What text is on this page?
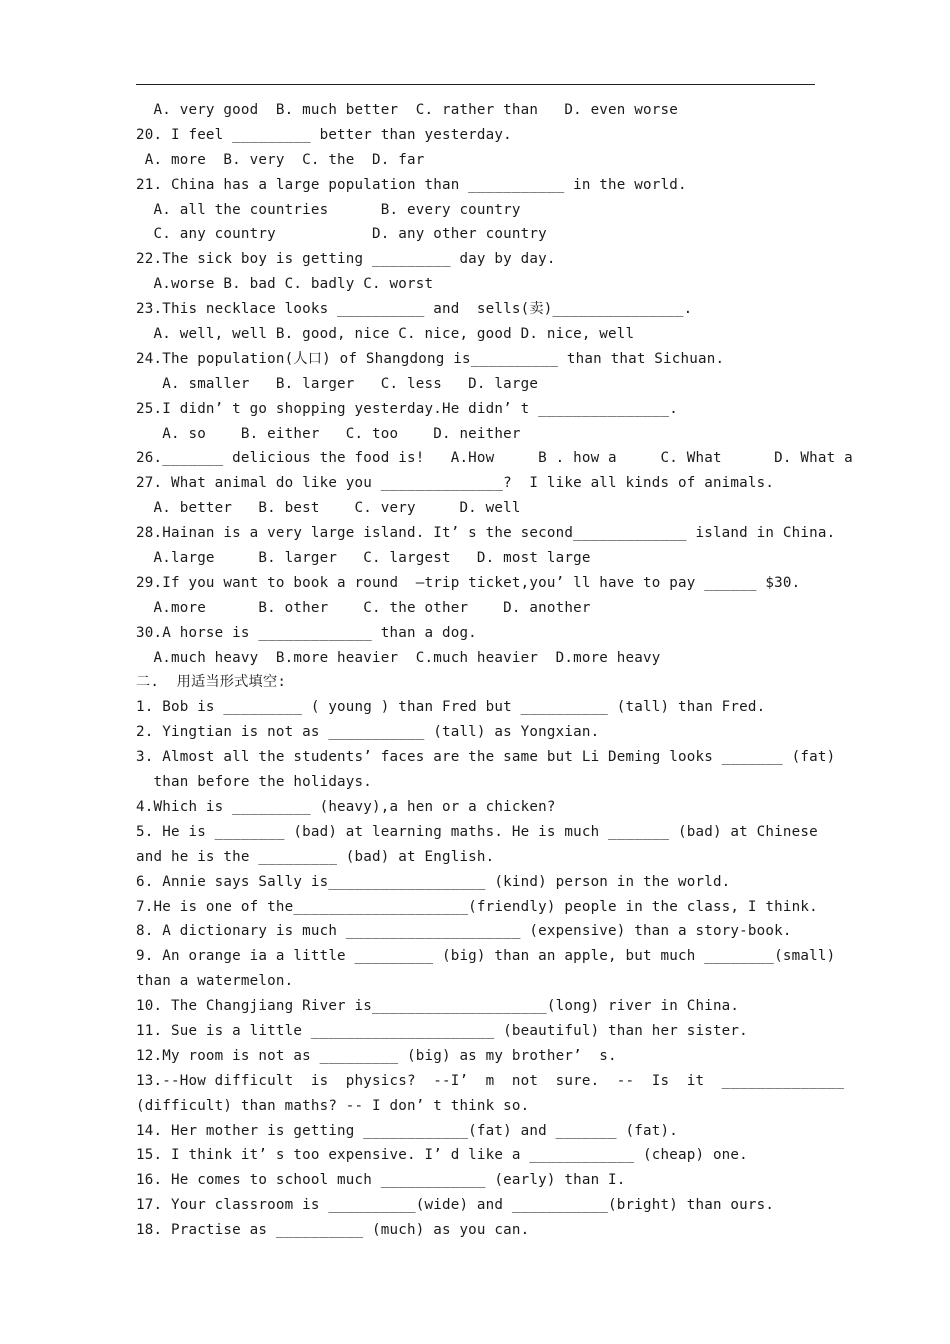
A. very good  B. much better  C. rather than   D. even worse
20. I feel _________ better than yesterday.
A. more  B. very  C. the  D. far
21. China has a large population than ___________ in the world.
A. all the countries      B. every country
C. any country           D. any other country
22.The sick boy is getting _________ day by day.
A.worse B. bad C. badly C. worst
23.This necklace looks __________ and  sells(卖)_______________.
A. well, well B. good, nice C. nice, good D. nice, well
24.The population(人口) of Shangdong is__________ than that Sichuan.
A. smaller   B. larger   C. less   D. large
25.I didn’ t go shopping yesterday.He didn’ t _______________.
A. so    B. either   C. too    D. neither
26._______ delicious the food is!   A.How     B . how a     C. What      D. What a
27. What animal do like you ______________?  I like all kinds of animals.
A. better   B. best    C. very     D. well
28.Hainan is a very large island. It’ s the second_____________ island in China.
A.large     B. larger   C. largest   D. most large
29.If you want to book a round  –trip ticket,you’ ll have to pay ______ $30.
A.more      B. other    C. the other    D. another
30.A horse is _____________ than a dog.
A.much heavy  B.more heavier  C.much heavier  D.more heavy
二.  用适当形式填空:
1. Bob is _________ ( young ) than Fred but __________ (tall) than Fred.
2. Yingtian is not as ___________ (tall) as Yongxian.
3. Almost all the students’ faces are the same but Li Deming looks _______ (fat)
than before the holidays.
4.Which is _________ (heavy),a hen or a chicken?
5. He is ________ (bad) at learning maths. He is much _______ (bad) at Chinese
and he is the _________ (bad) at English.
6. Annie says Sally is__________________ (kind) person in the world.
7.He is one of the____________________(friendly) people in the class, I think.
8. A dictionary is much ____________________ (expensive) than a story-book.
9. An orange ia a little _________ (big) than an apple, but much ________(small)
than a watermelon.
10. The Changjiang River is____________________(long) river in China.
11. Sue is a little _____________________ (beautiful) than her sister.
12.My room is not as _________ (big) as my brother’  s.
13.--How difficult  is  physics?  --I’  m  not  sure.  --  Is  it  ______________
(difficult) than maths? -- I don’ t think so.
14. Her mother is getting ____________(fat) and _______ (fat).
15. I think it’ s too expensive. I’ d like a ____________ (cheap) one.
16. He comes to school much ____________ (early) than I.
17. Your classroom is __________(wide) and ___________(bright) than ours.
18. Practise as __________ (much) as you can.
